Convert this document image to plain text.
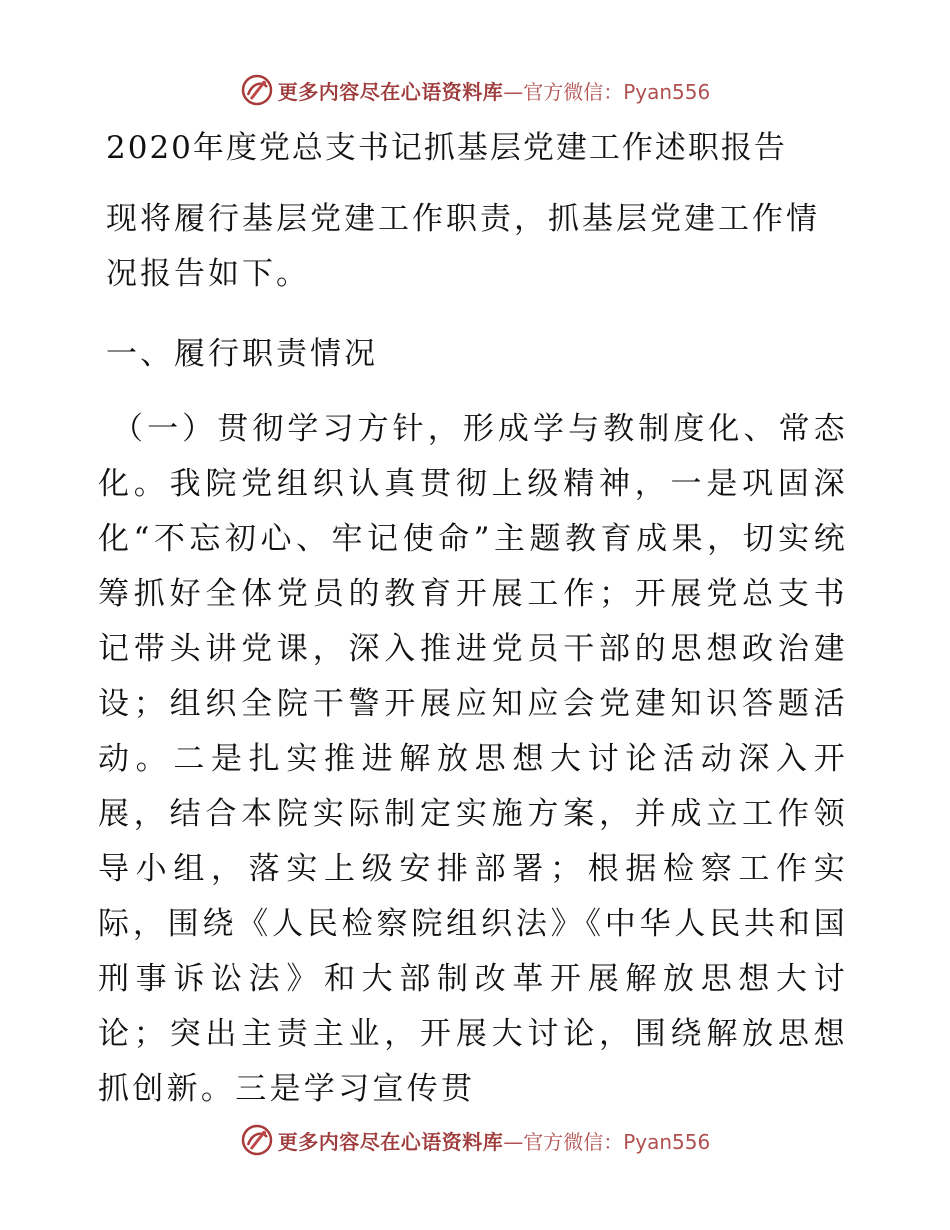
更多内容尽在心语资料库 —官方微信：Pyan556
2020年度党总支书记抓基层党建工作述职报告

现将履行基层党建工作职责，抓基层党建工作情况报告如下。

一、履行职责情况

（一）贯彻学习方针，形成学与教制度化、常态化。我院党组织认真贯彻上级精神，一是巩固深化“不忘初心、牢记使命”主题教育成果，切实统筹抓好全体党员的教育开展工作；开展党总支书记带头讲党课，深入推进党员干部的思想政治建设；组织全院干警开展应知应会党建知识答题活动。二是扎实推进解放思想大讨论活动深入开展，结合本院实际制定实施方案，并成立工作领导小组，落实上级安排部署；根据检察工作实际，围绕《人民检察院组织法》《中华人民共和国刑事诉讼法》和大部制改革开展解放思想大讨论；突出主责主业，开展大讨论，围绕解放思想抓创新。三是学习宣传贯

更多内容尽在心语资料库 —官方微信：Pyan556
